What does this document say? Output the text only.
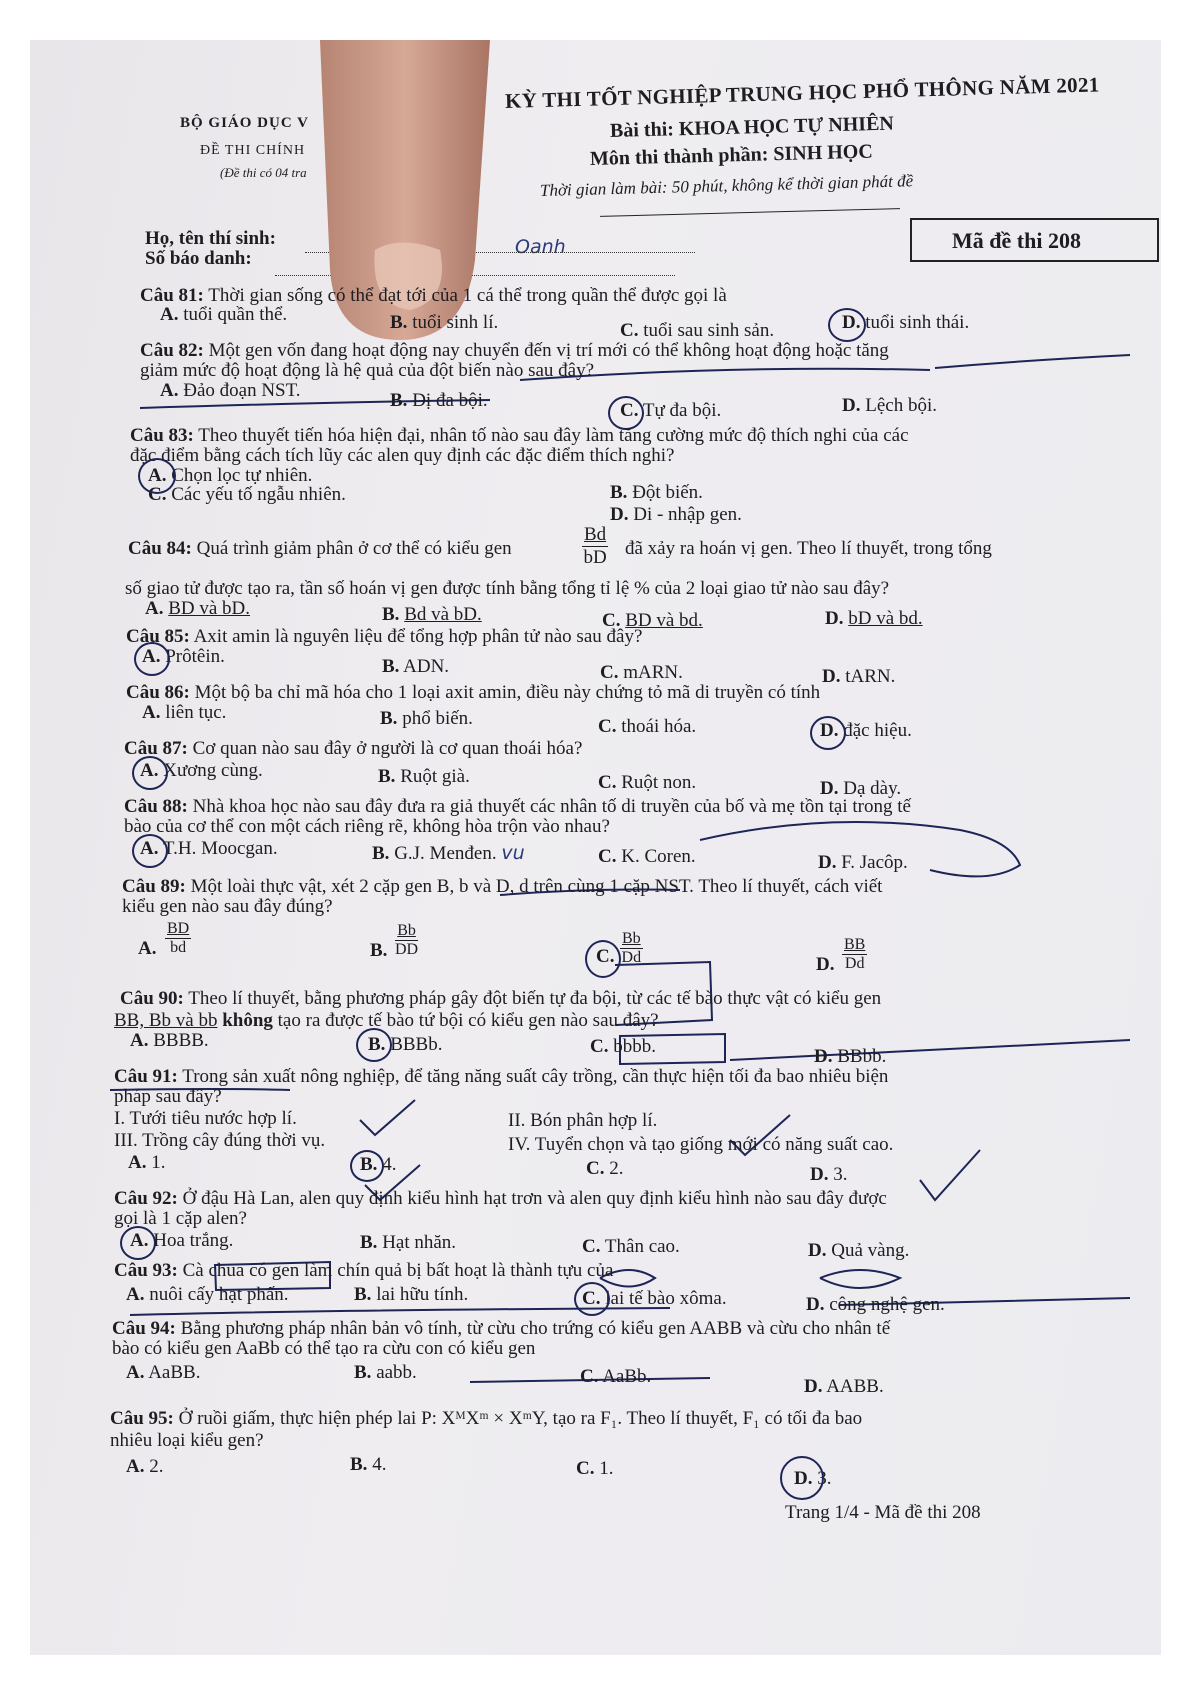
BỘ GIÁO DỤC V
ĐỀ THI CHÍNH
(Đề thi có 04 tra
KỲ THI TỐT NGHIỆP TRUNG HỌC PHỔ THÔNG NĂM 2021
Bài thi: KHOA HỌC TỰ NHIÊN
Môn thi thành phần: SINH HỌC
Thời gian làm bài: 50 phút, không kể thời gian phát đề
Mã đề thi 208
Họ, tên thí sinh:	Oanh
Số báo danh:
Câu 81: Thời gian sống có thể đạt tới của 1 cá thể trong quần thể được gọi là
A. tuổi quần thể.	B. tuổi sinh lí.	C. tuổi sau sinh sản.	D. tuổi sinh thái.
Câu 82: Một gen vốn đang hoạt động nay chuyển đến vị trí mới có thể không hoạt động hoặc tăng
giảm mức độ hoạt động là hệ quả của đột biến nào sau đây?
A. Đảo đoạn NST.	B. Dị đa bội.	C. Tự đa bội.	D. Lệch bội.
Câu 83: Theo thuyết tiến hóa hiện đại, nhân tố nào sau đây làm tăng cường mức độ thích nghi của các
đặc điểm bằng cách tích lũy các alen quy định các đặc điểm thích nghi?
A. Chọn lọc tự nhiên.
C. Các yếu tố ngẫu nhiên.	B. Đột biến.
D. Di - nhập gen.
Câu 84: Quá trình giảm phân ở cơ thể có kiểu gen	$\frac{Bd}{bD}$ đã xảy ra hoán vị gen. Theo lí thuyết, trong tổng
số giao tử được tạo ra, tần số hoán vị gen được tính bằng tổng tỉ lệ % của 2 loại giao tử nào sau đây?
A. BD và bD.	B. Bd và bD.	C. BD và bd.	D. bD và bd.
Câu 85: Axit amin là nguyên liệu để tổng hợp phân tử nào sau đây?
A. Prôtêin.	B. ADN.	C. mARN.	D. tARN.
Câu 86: Một bộ ba chỉ mã hóa cho 1 loại axit amin, điều này chứng tỏ mã di truyền có tính
A. liên tục.	B. phổ biến.	C. thoái hóa.	D. đặc hiệu.
Câu 87: Cơ quan nào sau đây ở người là cơ quan thoái hóa?
A. Xương cùng.	B. Ruột già.	C. Ruột non.	D. Dạ dày.
Câu 88: Nhà khoa học nào sau đây đưa ra giả thuyết các nhân tố di truyền của bố và mẹ tồn tại trong tế
bào của cơ thể con một cách riêng rẽ, không hòa trộn vào nhau?
A. T.H. Moocgan.	B. G.J. Menđen. vu	C. K. Coren.	D. F. Jacôp.
Câu 89: Một loài thực vật, xét 2 cặp gen B, b và D, d trên cùng 1 cặp NST. Theo lí thuyết, cách viết
kiểu gen nào sau đây đúng?
A. $\frac{BD}{bd}$	B. $\frac{Bb}{DD}$	C. $\frac{Bb}{Dd}$	D. $\frac{BB}{Dd}$
Câu 90: Theo lí thuyết, bằng phương pháp gây đột biến tự đa bội, từ các tế bào thực vật có kiểu gen
BB, Bb và bb không tạo ra được tế bào tứ bội có kiểu gen nào sau đây?
A. BBBB.	B. BBBb.	C. bbbb.	D. BBbb.
Câu 91: Trong sản xuất nông nghiệp, để tăng năng suất cây trồng, cần thực hiện tối đa bao nhiêu biện
pháp sau đây?
I. Tưới tiêu nước hợp lí.	II. Bón phân hợp lí.
III. Trồng cây đúng thời vụ.	IV. Tuyển chọn và tạo giống mới có năng suất cao.
A. 1.	B. 4.	C. 2.	D. 3.
Câu 92: Ở đậu Hà Lan, alen quy định kiểu hình hạt trơn và alen quy định kiểu hình nào sau đây được
gọi là 1 cặp alen?
A. Hoa trắng.	B. Hạt nhăn.	C. Thân cao.	D. Quả vàng.
Câu 93: Cà chua có gen làm chín quả bị bất hoạt là thành tựu của
A. nuôi cấy hạt phấn.	B. lai hữu tính.	C. lai tế bào xôma.	D. công nghệ gen.
Câu 94: Bằng phương pháp nhân bản vô tính, từ cừu cho trứng có kiểu gen AABB và cừu cho nhân tế
bào có kiểu gen AaBb có thể tạo ra cừu con có kiểu gen
A. AaBB.	B. aabb.	C. AaBb.	D. AABB.
Câu 95: Ở ruồi giấm, thực hiện phép lai P: XᴹXᵐ × XᵐY, tạo ra F₁. Theo lí thuyết, F₁ có tối đa bao
nhiêu loại kiểu gen?
A. 2.	B. 4.	C. 1.	D. 3.
Trang 1/4 - Mã đề thi 208
